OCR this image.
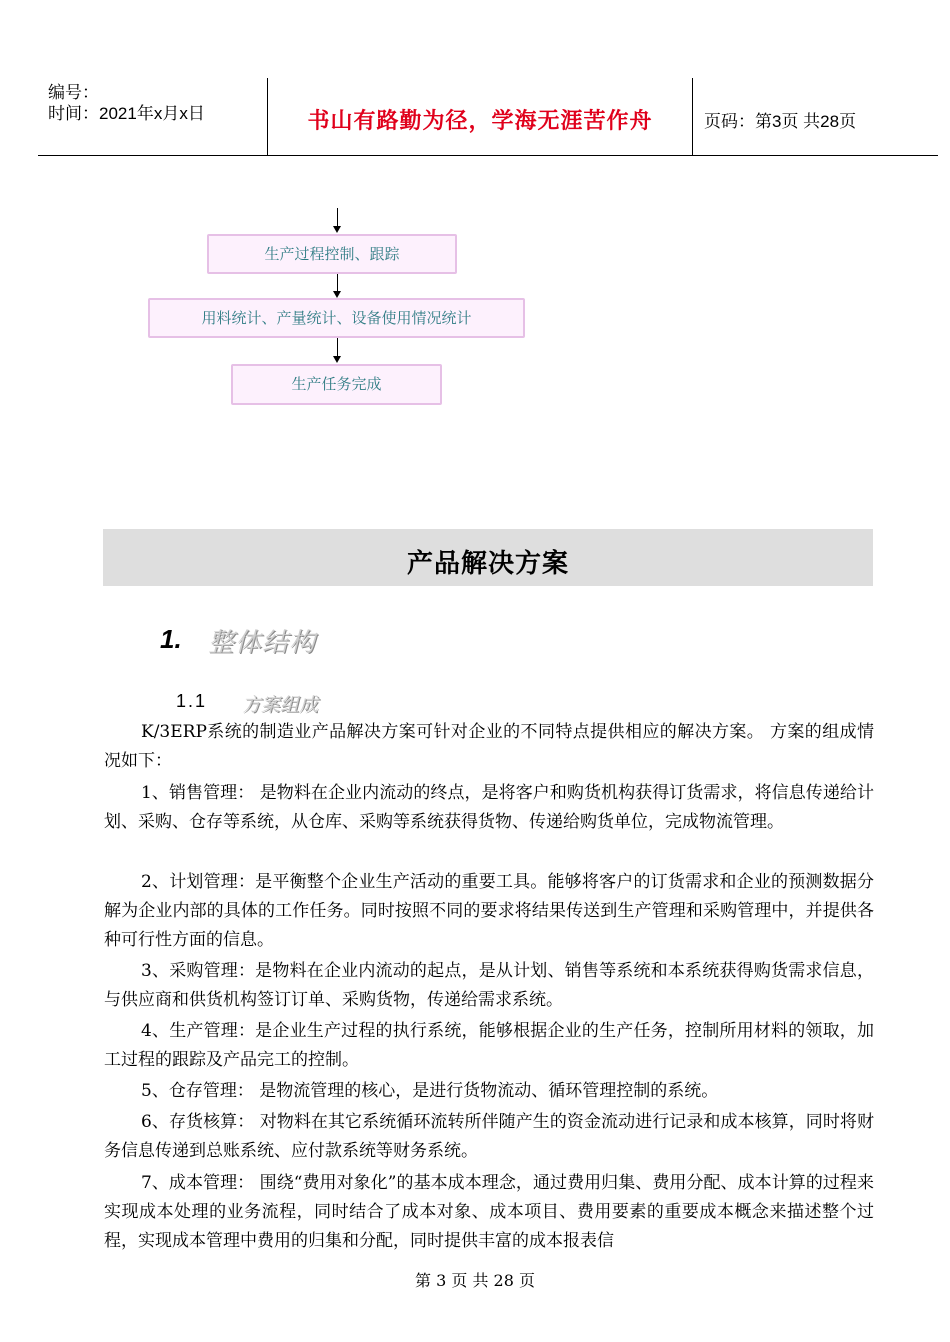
编号：
时间：2021年x月x日	书山有路勤为径，学海无涯苦作舟	页码：第3页 共28页
生产过程控制、跟踪
用料统计、产量统计、设备使用情况统计
生产任务完成
产品解决方案
1. 整体结构
1.1 方案组成

K/3ERP系统的制造业产品解决方案可针对企业的不同特点提供相应的解决方案。 方案的组成情况如下：

1、销售管理： 是物料在企业内流动的终点，是将客户和购货机构获得订货需求，将信息传递给计划、采购、仓存等系统，从仓库、采购等系统获得货物、传递给购货单位，完成物流管理。

2、计划管理：是平衡整个企业生产活动的重要工具。能够将客户的订货需求和企业的预测数据分解为企业内部的具体的工作任务。同时按照不同的要求将结果传送到生产管理和采购管理中，并提供各种可行性方面的信息。

3、采购管理：是物料在企业内流动的起点，是从计划、销售等系统和本系统获得购货需求信息，与供应商和供货机构签订订单、采购货物，传递给需求系统。

4、生产管理：是企业生产过程的执行系统，能够根据企业的生产任务，控制所用材料的领取，加工过程的跟踪及产品完工的控制。

5、仓存管理： 是物流管理的核心，是进行货物流动、循环管理控制的系统。

6、存货核算： 对物料在其它系统循环流转所伴随产生的资金流动进行记录和成本核算，同时将财务信息传递到总账系统、应付款系统等财务系统。

7、成本管理： 围绕“费用对象化”的基本成本理念，通过费用归集、费用分配、成本计算的过程来实现成本处理的业务流程，同时结合了成本对象、成本项目、费用要素的重要成本概念来描述整个过程，实现成本管理中费用的归集和分配，同时提供丰富的成本报表信

第 3 页 共 28 页
